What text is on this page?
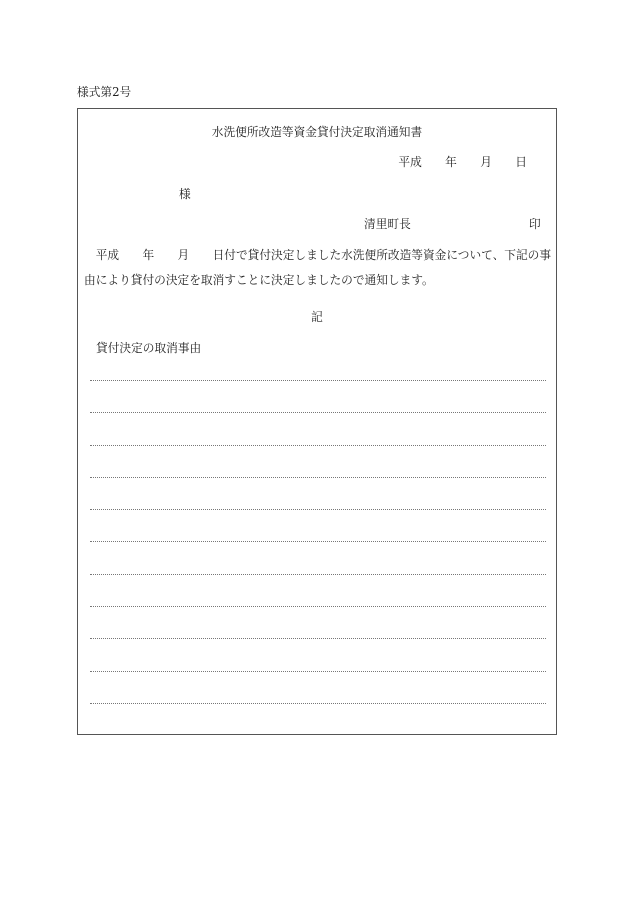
様式第2号
水洗便所改造等資金貸付決定取消通知書
平成　　年　　月　　日
様
清里町長	印
　平成　　年　　月　　日付で貸付決定しました水洗便所改造等資金について、下記の事由により貸付の決定を取消すことに決定しましたので通知します。
記
貸付決定の取消事由
